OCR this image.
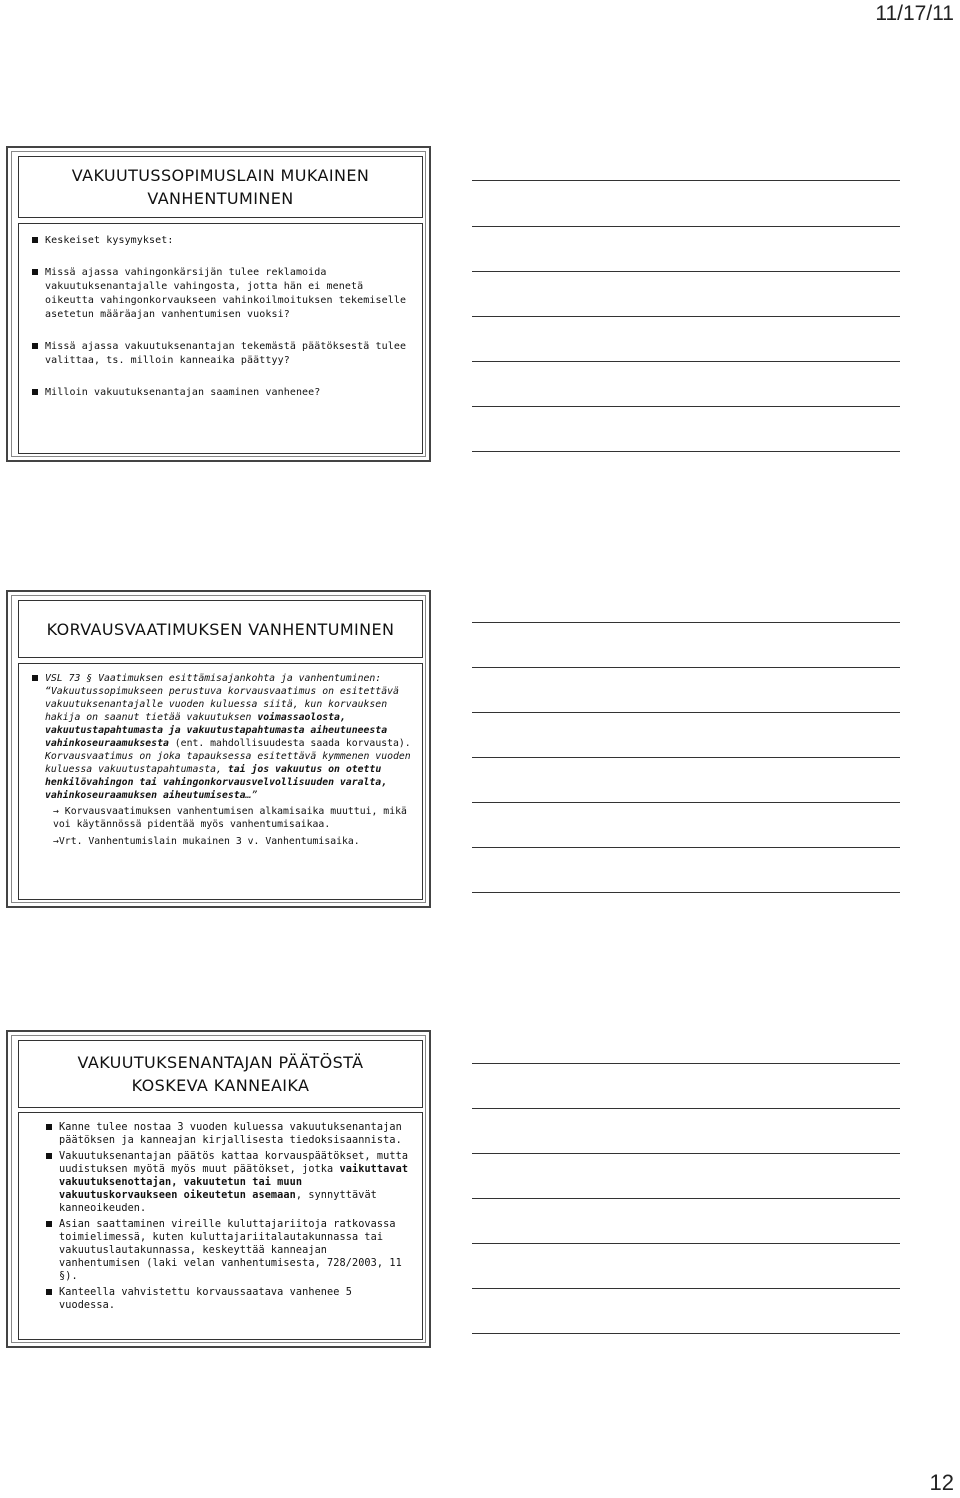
11/17/11
VAKUUTUSSOPIMUSLAIN MUKAINEN VANHENTUMINEN
Keskeiset kysymykset:
Missä ajassa vahingonkärsijän tulee reklamoida vakuutuksenantajalle vahingosta, jotta hän ei menetä oikeutta vahingonkorvaukseen vahinkoilmoituksen tekemiselle asetetun määräajan vanhentumisen vuoksi?
Missä ajassa vakuutuksenantajan tekemästä päätöksestä tulee valittaa, ts. milloin kanneaika päättyy?
Milloin vakuutuksenantajan saaminen vanhenee?
KORVAUSVAATIMUKSEN VANHENTUMINEN
VSL 73 § Vaatimuksen esittämisajankohta ja vanhentuminen: “Vakuutussopimukseen perustuva korvausvaatimus on esitettävä vakuutuksenantajalle vuoden kuluessa siitä, kun korvauksen hakija on saanut tietää vakuutuksen voimassaolosta, vakuutustapahtumasta ja vakuutustapahtumasta aiheutuneesta vahinkoseuraamuksesta (ent. mahdollisuudesta saada korvausta). Korvausvaatimus on joka tapauksessa esitettävä kymmenen vuoden kuluessa vakuutustapahtumasta, tai jos vakuutus on otettu henkilövahingon tai vahingonkorvausvelvollisuuden varalta, vahinkoseuraamuksen aiheutumisesta…”
→ Korvausvaatimuksen vanhentumisen alkamisaika muuttui, mikä voi käytännössä pidentää myös vanhentumisaikaa.
→Vrt. Vanhentumislain mukainen 3 v. Vanhentumisaika.
VAKUUTUKSENANTAJAN PÄÄTÖSTÄ KOSKEVA KANNEAIKA
Kanne tulee nostaa 3 vuoden kuluessa vakuutuksenantajan päätöksen ja kanneajan kirjallisesta tiedoksisaannista.
Vakuutuksenantajan päätös kattaa korvauspäätökset, mutta uudistuksen myötä myös muut päätökset, jotka vaikuttavat vakuutuksenottajan, vakuutetun tai muun vakuutuskorvaukseen oikeutetun asemaan, synnyttävät kanneoikeuden.
Asian saattaminen vireille kuluttajariitoja ratkovassa toimielimessä, kuten kuluttajariitalautakunnassa tai vakuutuslautakunnassa, keskeyttää kanneajan vanhentumisen (laki velan vanhentumisesta, 728/2003, 11 §).
Kanteella vahvistettu korvaussaatava vanhenee 5 vuodessa.
12
